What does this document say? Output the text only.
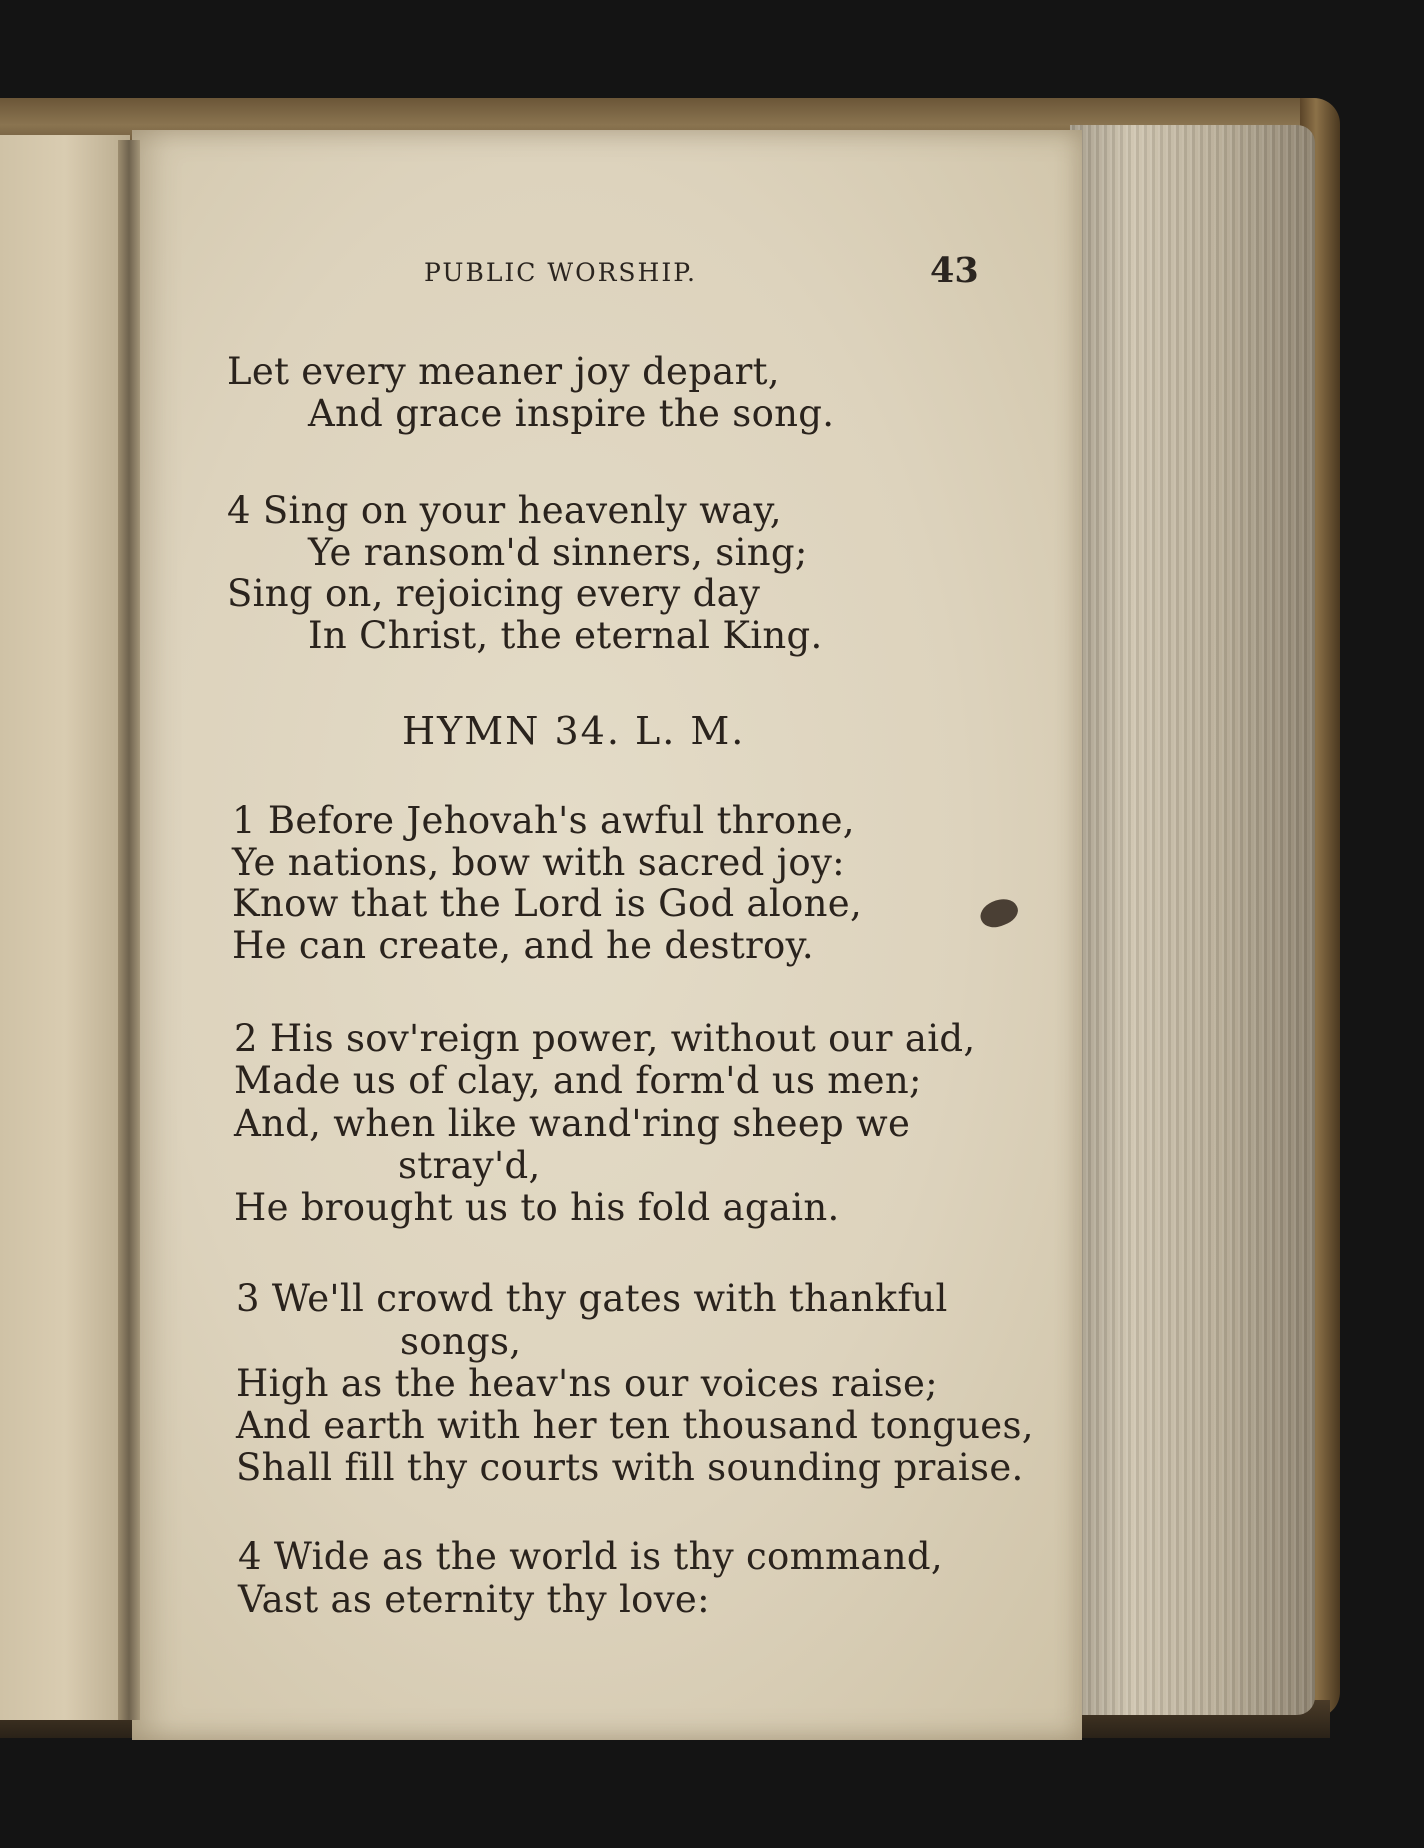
PUBLIC WORSHIP.	43
Let every meaner joy depart,
And grace inspire the song.
4 Sing on your heavenly way,
Ye ransom'd sinners, sing;
Sing on, rejoicing every day
In Christ, the eternal King.
HYMN 34. L. M.
1 Before Jehovah's awful throne,
Ye nations, bow with sacred joy:
Know that the Lord is God alone,
He can create, and he destroy.
2 His sov'reign power, without our aid,
Made us of clay, and form'd us men;
And, when like wand'ring sheep we
stray'd,
He brought us to his fold again.
3 We'll crowd thy gates with thankful
songs,
High as the heav'ns our voices raise;
And earth with her ten thousand tongues,
Shall fill thy courts with sounding praise.
4 Wide as the world is thy command,
Vast as eternity thy love:
